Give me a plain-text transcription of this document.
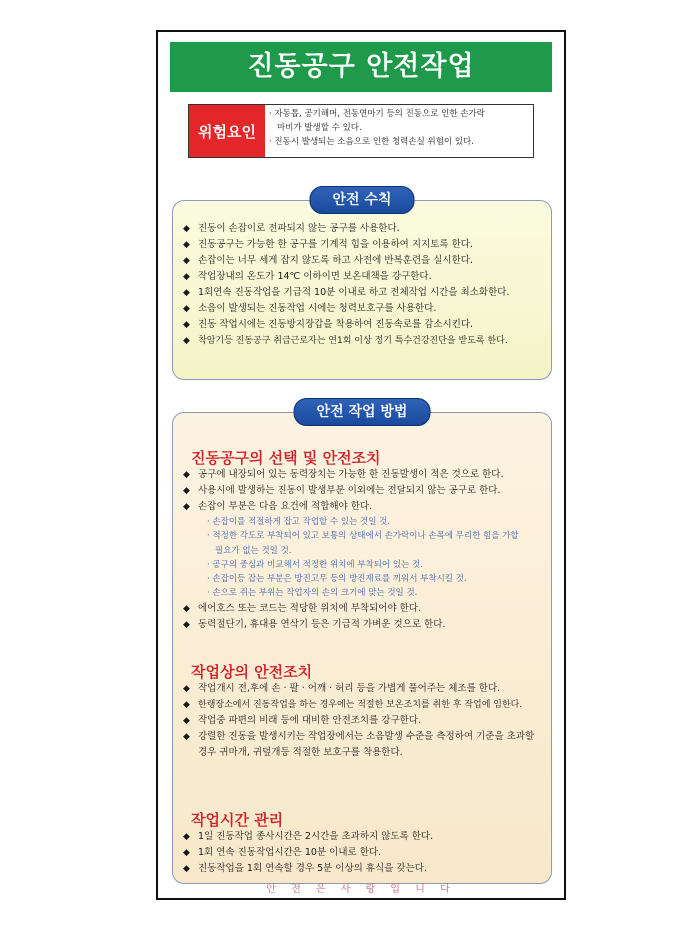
진동공구 안전작업
위험요인
· 자동톱, 공기해머, 전동연마기 등의 진동으로 인한 손가락
마비가 발생할 수 있다.
· 진동시 발생되는 소음으로 인한 청력손실 위험이 있다.
안전 수칙
◆ 진동이 손잡이로 전파되지 않는 공구를 사용한다.
◆ 진동공구는 가능한 한 공구를 기계적 힘을 이용하여 지지토록 한다.
◆ 손잡이는 너무 세게 잡지 않도록 하고 사전에 반복훈련을 실시한다.
◆ 작업장내의 온도가 14℃ 이하이면 보온대책을 강구한다.
◆ 1회연속 진동작업을 기급적 10분 이내로 하고 전체작업 시간을 최소화한다.
◆ 소음이 발생되는 진동작업 시에는 청력보호구를 사용한다.
◆ 진동 작업시에는 진동방지장갑을 착용하여 진동속로를 감소시킨다.
◆ 착암기등 진동공구 취급근로자는 연1회 이상 정기 특수건강진단을 받도록 한다.
안전 작업 방법
진동공구의 선택 및 안전조치
◆ 공구에 내장되어 있는 동력장치는 가능한 한 진동발생이 적은 것으로 한다.
◆ 사용시에 발생하는 진동이 발생부분 이외에는 전달되지 않는 공구로 한다.
◆ 손잡이 부분은 다음 요건에 적합해야 한다.
· 손잡이를 적절하게 잡고 작업할 수 있는 것일 것.
· 적정한 각도로 부착되어 있고 보통의 상태에서 손가락이나 손목에 무리한 힘을 가할
필요가 없는 것일 것.
· 공구의 중심과 비교해서 적정한 위치에 부착되어 있는 것.
· 손잡이등 잡는 부분은 방진고무 등의 방진재료를 끼워서 부착시킬 것.
· 손으로 쥐는 부위는 작업자의 손의 크기에 맞는 것일 것.
◆ 에어호스 또는 코드는 적당한 위치에 부착되어야 한다.
◆ 동력절단기, 휴대용 연삭기 등은 기급적 가벼운 것으로 한다.
작업상의 안전조치
◆ 작업개시 전,후에 손 · 팔 · 어깨 · 허리 등을 가볍게 풀어주는 체조를 한다.
◆ 한랭장소에서 진동작업을 하는 경우에는 적절한 보온조치를 취한 후 작업에 임한다.
◆ 작업중 파편의 비래 등에 대비한 안전조치를 강구한다.
◆ 강렬한 진동을 발생시키는 작업장에서는 소음발생 수준을 측정하여 기준을 초과할 경우 귀마개, 귀덮개등 적절한 보호구를 착용한다.
작업시간 관리
◆ 1일 진동작업 종사시간은 2시간을 초과하지 않도록 한다.
◆ 1회 연속 진동작업시간은 10분 이내로 한다.
◆ 진동작업을 1회 연속할 경우 5분 이상의 휴식을 갖는다.
안 전 은 사 랑 입 니 다
